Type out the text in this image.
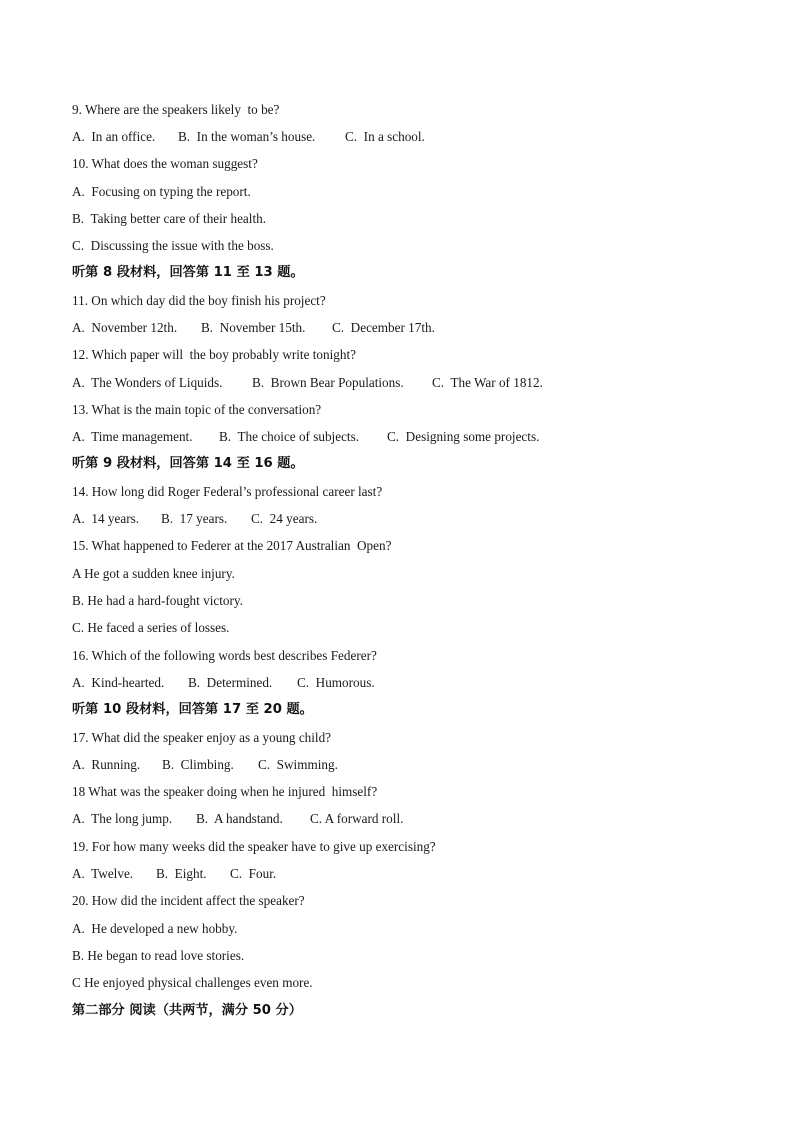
9. Where are the speakers likely  to be?

A.  In an office.

B.  In the woman’s house.

C.  In a school.

10. What does the woman suggest?
A.  Focusing on typing the report.
B.  Taking better care of their health.
C.  Discussing the issue with the boss.
听第 8 段材料，回答第 11 至 13 题。
11. On which day did the boy finish his project?

A.  November 12th.

B.  November 15th.

C.  December 17th.

12. Which paper will  the boy probably write tonight?

A.  The Wonders of Liquids.

B.  Brown Bear Populations.

C.  The War of 1812.

13. What is the main topic of the conversation?

A.  Time management.

B.  The choice of subjects.

C.  Designing some projects.

听第 9 段材料，回答第 14 至 16 题。
14. How long did Roger Federal’s professional career last?

A.  14 years.

B.  17 years.

C.  24 years.

15. What happened to Federer at the 2017 Australian  Open?
A He got a sudden knee injury.
B. He had a hard-fought victory.
C. He faced a series of losses.
16. Which of the following words best describes Federer?

A.  Kind-hearted.

B.  Determined.

C.  Humorous.

听第 10 段材料，回答第 17 至 20 题。
17. What did the speaker enjoy as a young child?

A.  Running.

B.  Climbing.

C.  Swimming.

18 What was the speaker doing when he injured  himself?

A.  The long jump.

B.  A handstand.

C. A forward roll.

19. For how many weeks did the speaker have to give up exercising?

A.  Twelve.

B.  Eight.

C.  Four.

20. How did the incident affect the speaker?
A.  He developed a new hobby.
B. He began to read love stories.
C He enjoyed physical challenges even more.
第二部分 阅读（共两节，满分 50 分）
